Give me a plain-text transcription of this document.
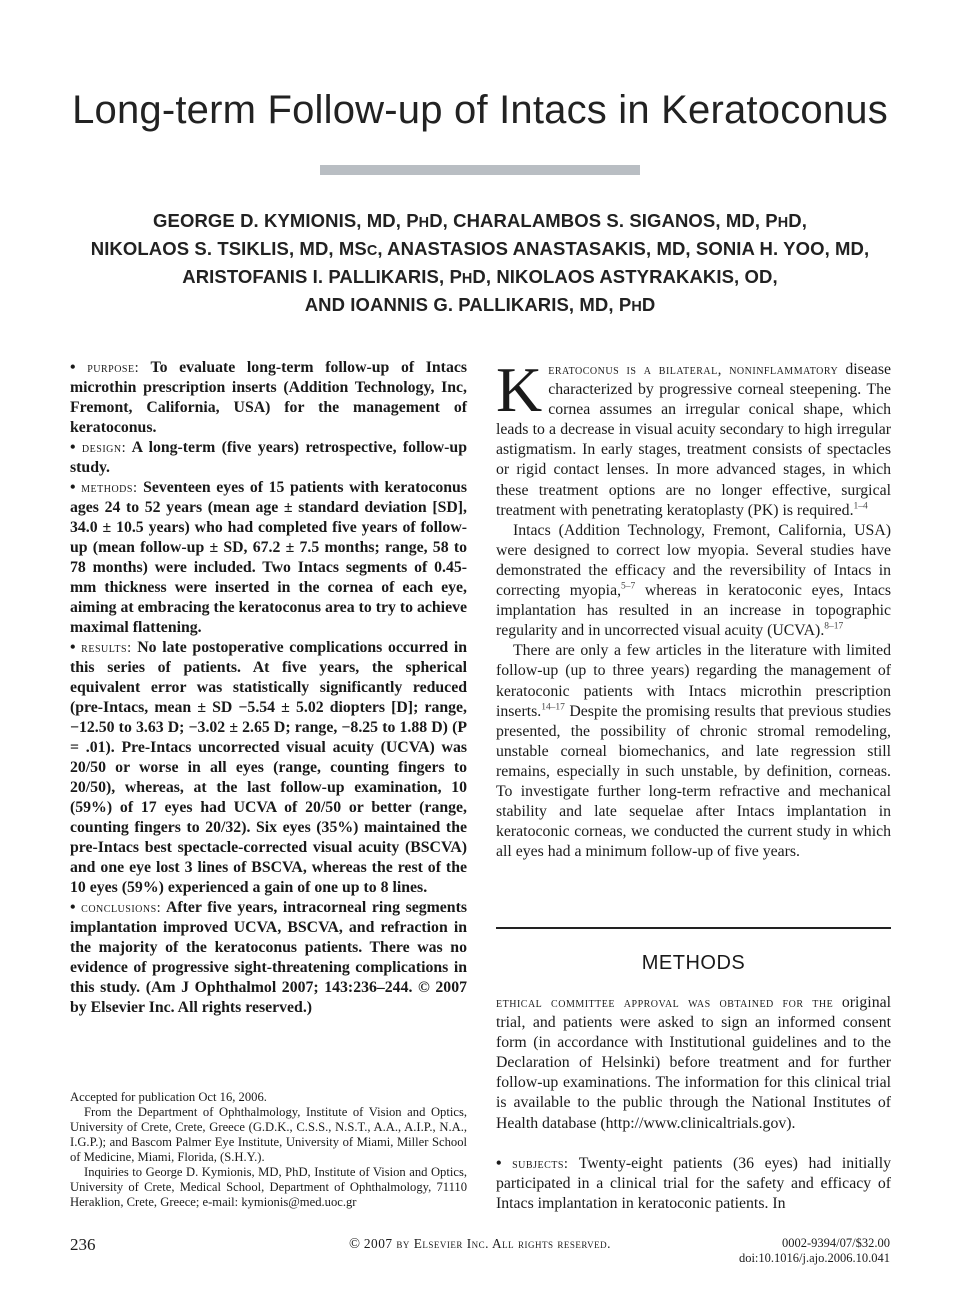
Long-term Follow-up of Intacs in Keratoconus
GEORGE D. KYMIONIS, MD, PHD, CHARALAMBOS S. SIGANOS, MD, PHD,
NIKOLAOS S. TSIKLIS, MD, MSC, ANASTASIOS ANASTASAKIS, MD, SONIA H. YOO, MD,
ARISTOFANIS I. PALLIKARIS, PHD, NIKOLAOS ASTYRAKAKIS, OD,
AND IOANNIS G. PALLIKARIS, MD, PHD

• purpose: To evaluate long-term follow-up of Intacs microthin prescription inserts (Addition Technology, Inc, Fremont, California, USA) for the management of keratoconus.

• design: A long-term (five years) retrospective, follow-up study.

• methods: Seventeen eyes of 15 patients with keratoconus ages 24 to 52 years (mean age ± standard deviation [SD], 34.0 ± 10.5 years) who had completed five years of follow-up (mean follow-up ± SD, 67.2 ± 7.5 months; range, 58 to 78 months) were included. Two Intacs segments of 0.45-mm thickness were inserted in the cornea of each eye, aiming at embracing the keratoconus area to try to achieve maximal flattening.

• results: No late postoperative complications occurred in this series of patients. At five years, the spherical equivalent error was statistically significantly reduced (pre-Intacs, mean ± SD −5.54 ± 5.02 diopters [D]; range, −12.50 to 3.63 D; −3.02 ± 2.65 D; range, −8.25 to 1.88 D) (P = .01). Pre-Intacs uncorrected visual acuity (UCVA) was 20/50 or worse in all eyes (range, counting fingers to 20/50), whereas, at the last follow-up examination, 10 (59%) of 17 eyes had UCVA of 20/50 or better (range, counting fingers to 20/32). Six eyes (35%) maintained the pre-Intacs best spectacle-corrected visual acuity (BSCVA) and one eye lost 3 lines of BSCVA, whereas the rest of the 10 eyes (59%) experienced a gain of one up to 8 lines.

• conclusions: After five years, intracorneal ring segments implantation improved UCVA, BSCVA, and refraction in the majority of the keratoconus patients. There was no evidence of progressive sight-threatening complications in this study. (Am J Ophthalmol 2007; 143:236–244. © 2007 by Elsevier Inc. All rights reserved.)

Accepted for publication Oct 16, 2006.

From the Department of Ophthalmology, Institute of Vision and Optics, University of Crete, Crete, Greece (G.D.K., C.S.S., N.S.T., A.A., A.I.P., N.A., I.G.P.); and Bascom Palmer Eye Institute, University of Miami, Miller School of Medicine, Miami, Florida, (S.H.Y.).

Inquiries to George D. Kymionis, MD, PhD, Institute of Vision and Optics, University of Crete, Medical School, Department of Ophthalmology, 71110 Heraklion, Crete, Greece; e-mail: kymionis@med.uoc.gr

Keratoconus is a bilateral, noninflammatory disease characterized by progressive corneal steepening. The cornea assumes an irregular conical shape, which leads to a decrease in visual acuity secondary to high irregular astigmatism. In early stages, treatment consists of spectacles or rigid contact lenses. In more advanced stages, in which these treatment options are no longer effective, surgical treatment with penetrating keratoplasty (PK) is required.$^{1-4}$

Intacs (Addition Technology, Fremont, California, USA) were designed to correct low myopia. Several studies have demonstrated the efficacy and the reversibility of Intacs in correcting myopia,$^{5-7}$ whereas in keratoconic eyes, Intacs implantation has resulted in an increase in topographic regularity and in uncorrected visual acuity (UCVA).$^{8-17}$

There are only a few articles in the literature with limited follow-up (up to three years) regarding the management of keratoconic patients with Intacs microthin prescription inserts.$^{14-17}$ Despite the promising results that previous studies presented, the possibility of chronic stromal remodeling, unstable corneal biomechanics, and late regression still remains, especially in such unstable, by definition, corneas. To investigate further long-term refractive and mechanical stability and late sequelae after Intacs implantation in keratoconic corneas, we conducted the current study in which all eyes had a minimum follow-up of five years.

METHODS

ethical committee approval was obtained for the original trial, and patients were asked to sign an informed consent form (in accordance with Institutional guidelines and to the Declaration of Helsinki) before treatment and for further follow-up examinations. The information for this clinical trial is available to the public through the National Institutes of Health database (http://www.clinicaltrials.gov).

• subjects: Twenty-eight patients (36 eyes) had initially participated in a clinical trial for the safety and efficacy of Intacs implantation in keratoconic patients. In

236	© 2007 by Elsevier Inc. All rights reserved.	0002-9394/07/$32.00
doi:10.1016/j.ajo.2006.10.041
